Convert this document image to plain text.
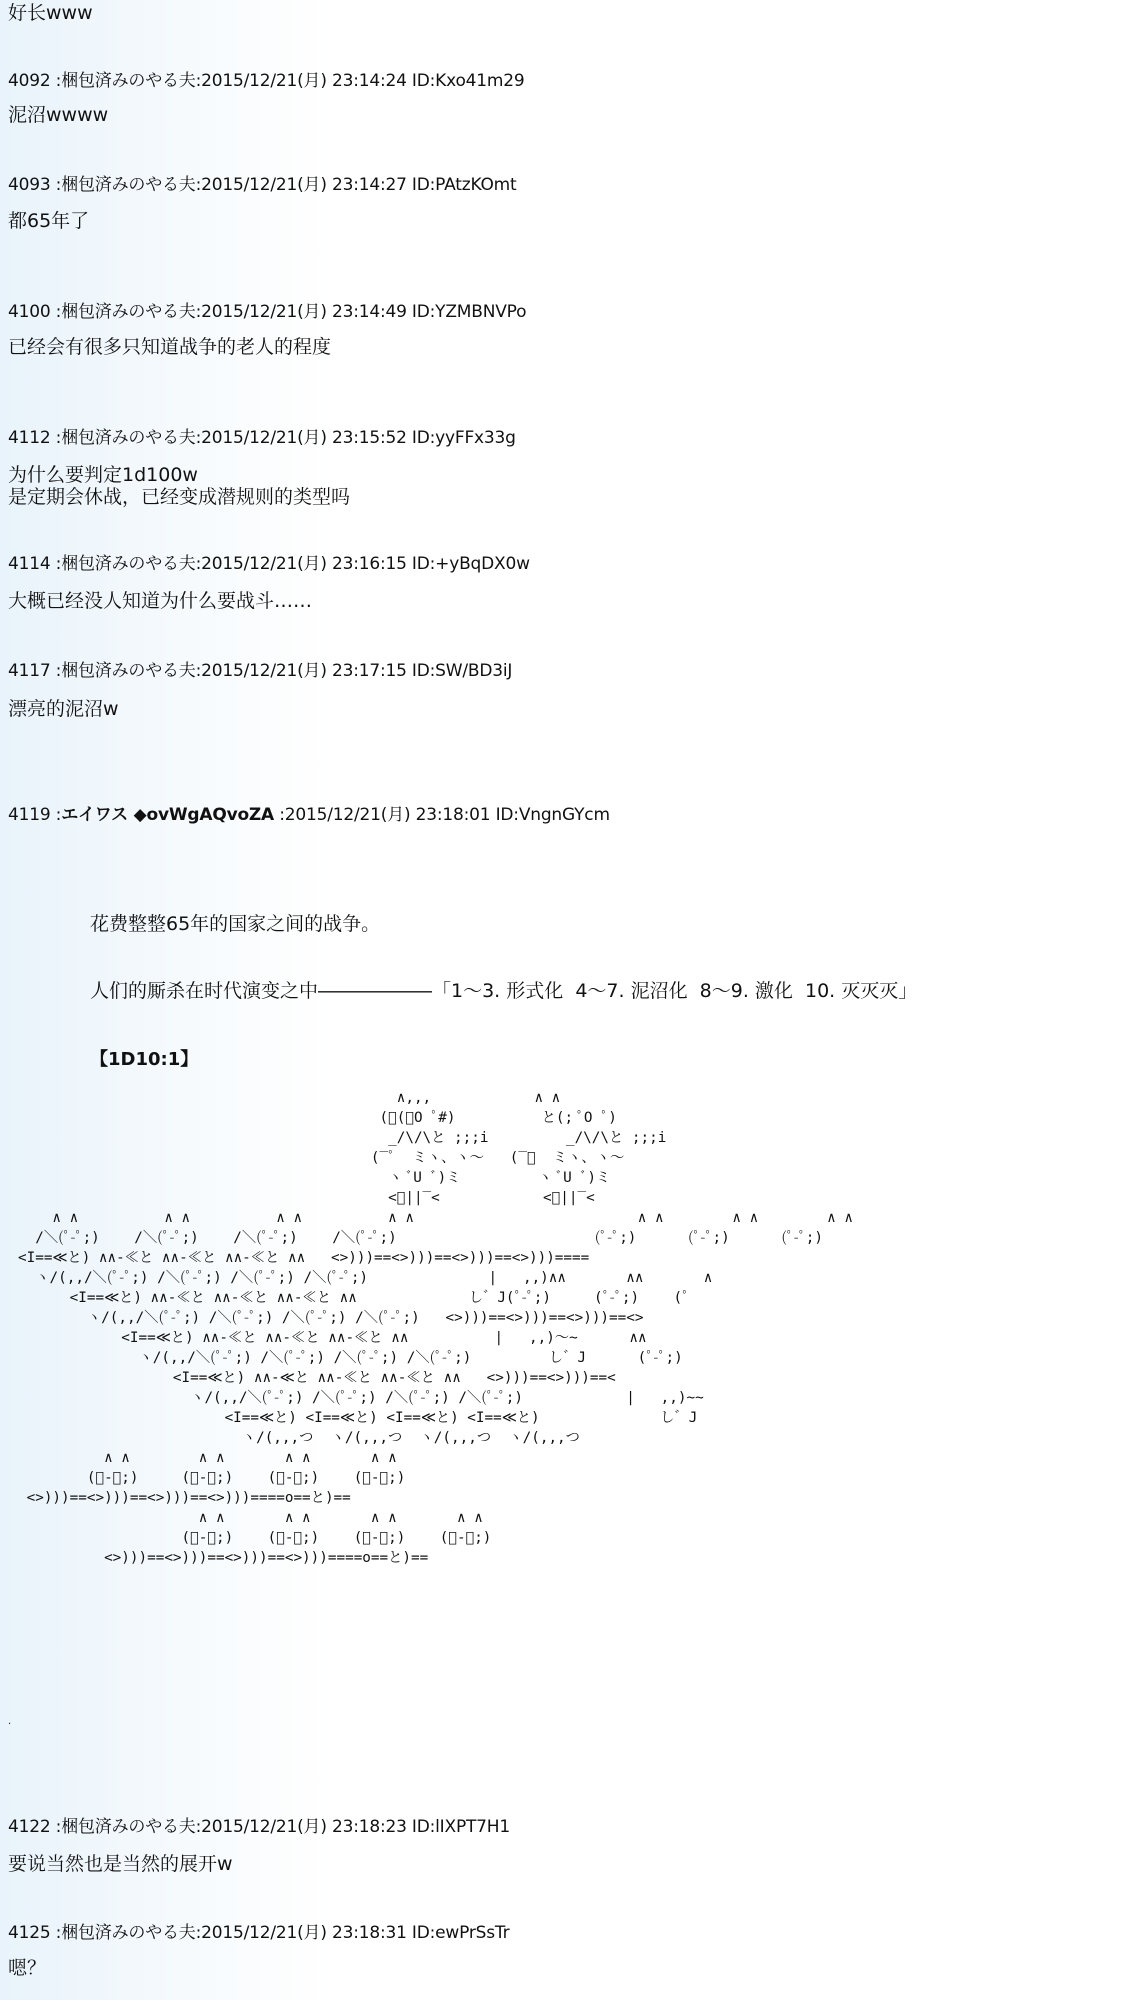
好长www
4092 :梱包済みのやる夫:2015/12/21(月) 23:14:24 ID:Kxo41m29
泥沼wwww
4093 :梱包済みのやる夫:2015/12/21(月) 23:14:27 ID:PAtzKOmt
都65年了
4100 :梱包済みのやる夫:2015/12/21(月) 23:14:49 ID:YZMBNVPo
已经会有很多只知道战争的老人的程度
4112 :梱包済みのやる夫:2015/12/21(月) 23:15:52 ID:yyFFx33g
为什么要判定1d100w
是定期会休战，已经变成潜规则的类型吗
4114 :梱包済みのやる夫:2015/12/21(月) 23:16:15 ID:+yBqDX0w
大概已经没人知道为什么要战斗……
4117 :梱包済みのやる夫:2015/12/21(月) 23:17:15 ID:SW/BD3iJ
漂亮的泥沼w
4119 :エイワス ◆ovWgAQvoZA :2015/12/21(月) 23:18:01 ID:VngnGYcm
花费整整65年的国家之间的战争。
人们的厮杀在时代演变之中――――――「1～3. 形式化  4～7. 泥沼化  8～9. 激化  10. 灭灭灭」
【1D10:1】
∧,,,            ∧ ∧
(ﾟ(ﾟO ﾟ#)          と(; ﾟO ﾟ)
_/\/\と ;;;i         _/\/\と ;;;i
(‾ﾟ  ミヽ、ヽ～   (‾ﾟ  ミヽ、ヽ～
ヽ ﾞU ﾞ)ミ         ヽ ﾞU ﾞ)ミ
<ﾞ||‾<            <ﾞ||‾<
∧ ∧          ∧ ∧          ∧ ∧          ∧ ∧                          ∧ ∧        ∧ ∧        ∧ ∧
/＼(ﾟ-ﾟ;)    /＼(ﾟ-ﾟ;)    /＼(ﾟ-ﾟ;)    /＼(ﾟ-ﾟ;)                       (ﾟ-ﾟ;)      (ﾟ-ﾟ;)      (ﾟ-ﾟ;)
<I==≪と) ∧∧-≪と ∧∧-≪と ∧∧-≪と ∧∧   <>)))==<>)))==<>)))==<>)))====
ヽ/(,,/＼(ﾟ-ﾟ;) /＼(ﾟ-ﾟ;) /＼(ﾟ-ﾟ;) /＼(ﾟ-ﾟ;)              |   ,,)∧∧       ∧∧       ∧
<I==≪と) ∧∧-≪と ∧∧-≪と ∧∧-≪と ∧∧             し゛J(ﾟ-ﾟ;)     (ﾟ-ﾟ;)    (ﾟ
ヽ/(,,/＼(ﾟ-ﾟ;) /＼(ﾟ-ﾟ;) /＼(ﾟ-ﾟ;) /＼(ﾟ-ﾟ;)   <>)))==<>)))==<>)))==<>
<I==≪と) ∧∧-≪と ∧∧-≪と ∧∧-≪と ∧∧          |   ,,)～~      ∧∧
ヽ/(,,/＼(ﾟ-ﾟ;) /＼(ﾟ-ﾟ;) /＼(ﾟ-ﾟ;) /＼(ﾟ-ﾟ;)         し゛J      (ﾟ-ﾟ;)
<I==≪と) ∧∧-≪と ∧∧-≪と ∧∧-≪と ∧∧   <>)))==<>)))==<
ヽ/(,,/＼(ﾟ-ﾟ;) /＼(ﾟ-ﾟ;) /＼(ﾟ-ﾟ;) /＼(ﾟ-ﾟ;)            |   ,,)~~
<I==≪と) <I==≪と) <I==≪と) <I==≪と)              し゛J
ヽ/(,,,つ  ヽ/(,,,つ  ヽ/(,,,つ  ヽ/(,,,つ
∧ ∧        ∧ ∧       ∧ ∧       ∧ ∧
(ﾟ-ﾟ;)     (ﾟ-ﾟ;)    (ﾟ-ﾟ;)    (ﾟ-ﾟ;)
<>)))==<>)))==<>)))==<>)))====o==と)==
∧ ∧       ∧ ∧       ∧ ∧       ∧ ∧
(ﾟ-ﾟ;)    (ﾟ-ﾟ;)    (ﾟ-ﾟ;)    (ﾟ-ﾟ;)
<>)))==<>)))==<>)))==<>)))====o==と)==
.
4122 :梱包済みのやる夫:2015/12/21(月) 23:18:23 ID:lIXPT7H1
要说当然也是当然的展开w
4125 :梱包済みのやる夫:2015/12/21(月) 23:18:31 ID:ewPrSsTr
嗯？
